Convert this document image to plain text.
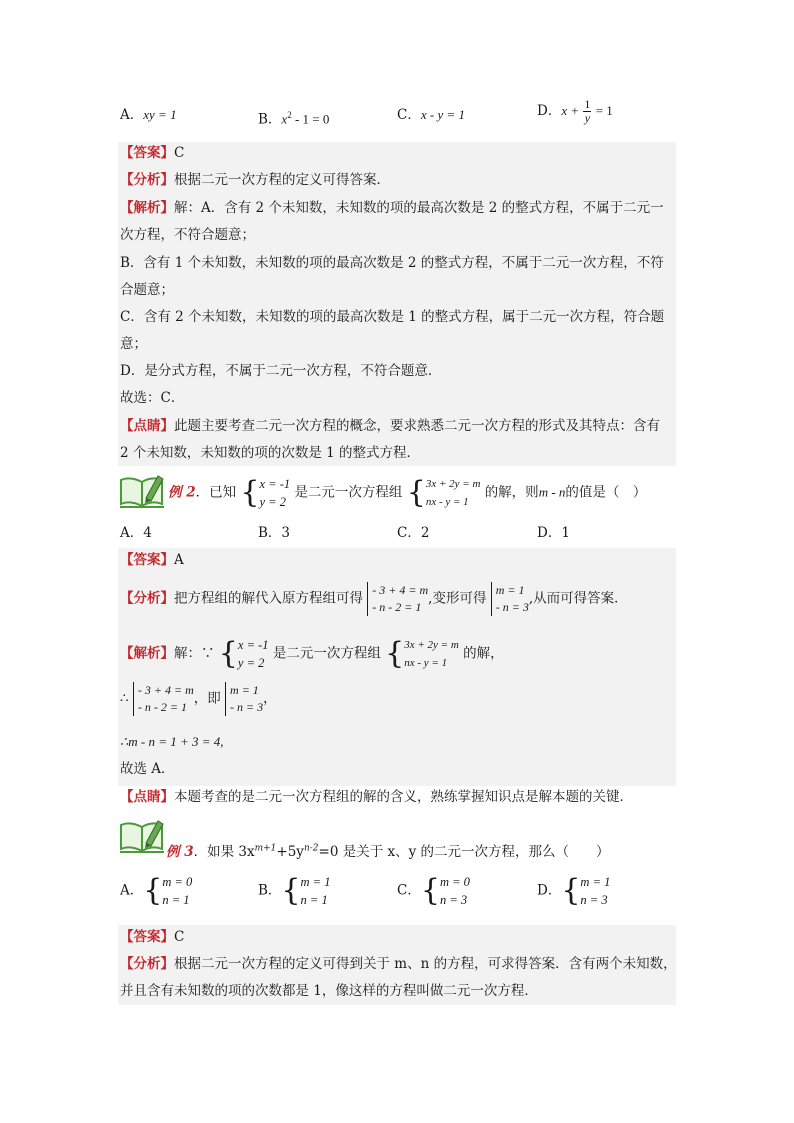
A．xy = 1	B．$x^2 - 1 = 0$	C．x - y = 1	D．$x + \frac{1}{y} = 1$
【答案】C
【分析】根据二元一次方程的定义可得答案．
【解析】解：A．含有 2 个未知数，未知数的项的最高次数是 2 的整式方程，不属于二元一
次方程，不符合题意；
B．含有 1 个未知数，未知数的项的最高次数是 2 的整式方程，不属于二元一次方程，不符
合题意；
C．含有 2 个未知数，未知数的项的最高次数是 1 的整式方程，属于二元一次方程，符合题
意；
D．是分式方程，不属于二元一次方程，不符合题意．
故选：C．
【点睛】此题主要考查二元一次方程的概念，要求熟悉二元一次方程的形式及其特点：含有
2 个未知数，未知数的项的次数是 1 的整式方程．
例 2．已知 { x = -1
y = 2
是二元一次方程组 { 3x + 2y = m
nx - y = 1
的解，则m - n的值是（　）
A．4	B．3	C．2	D．1
【答案】A
【分析】把方程组的解代入原方程组可得
- 3 + 4 = m
- n - 2 = 1
,变形可得
m = 1
- n = 3
,从而可得答案．
【解析】解：∵ { x = -1
y = 2
是二元一次方程组 { 3x + 2y = m
nx - y = 1
的解，
∴
- 3 + 4 = m
- n - 2 = 1
，即
m = 1
- n = 3
，
∴m - n = 1 + 3 = 4,
故选 A．
【点睛】本题考查的是二元一次方程组的解的含义，熟练掌握知识点是解本题的关键．
例 3．如果 $3x^{m+1}+5y^{n-2}=0$ 是关于 x、y 的二元一次方程，那么（　　）
A．{ m = 0
n = 1
B．{ m = 1
n = 1
C．{ m = 0
n = 3
D．{ m = 1
n = 3
【答案】C
【分析】根据二元一次方程的定义可得到关于 m、n 的方程，可求得答案．含有两个未知数，
并且含有未知数的项的次数都是 1，像这样的方程叫做二元一次方程．
